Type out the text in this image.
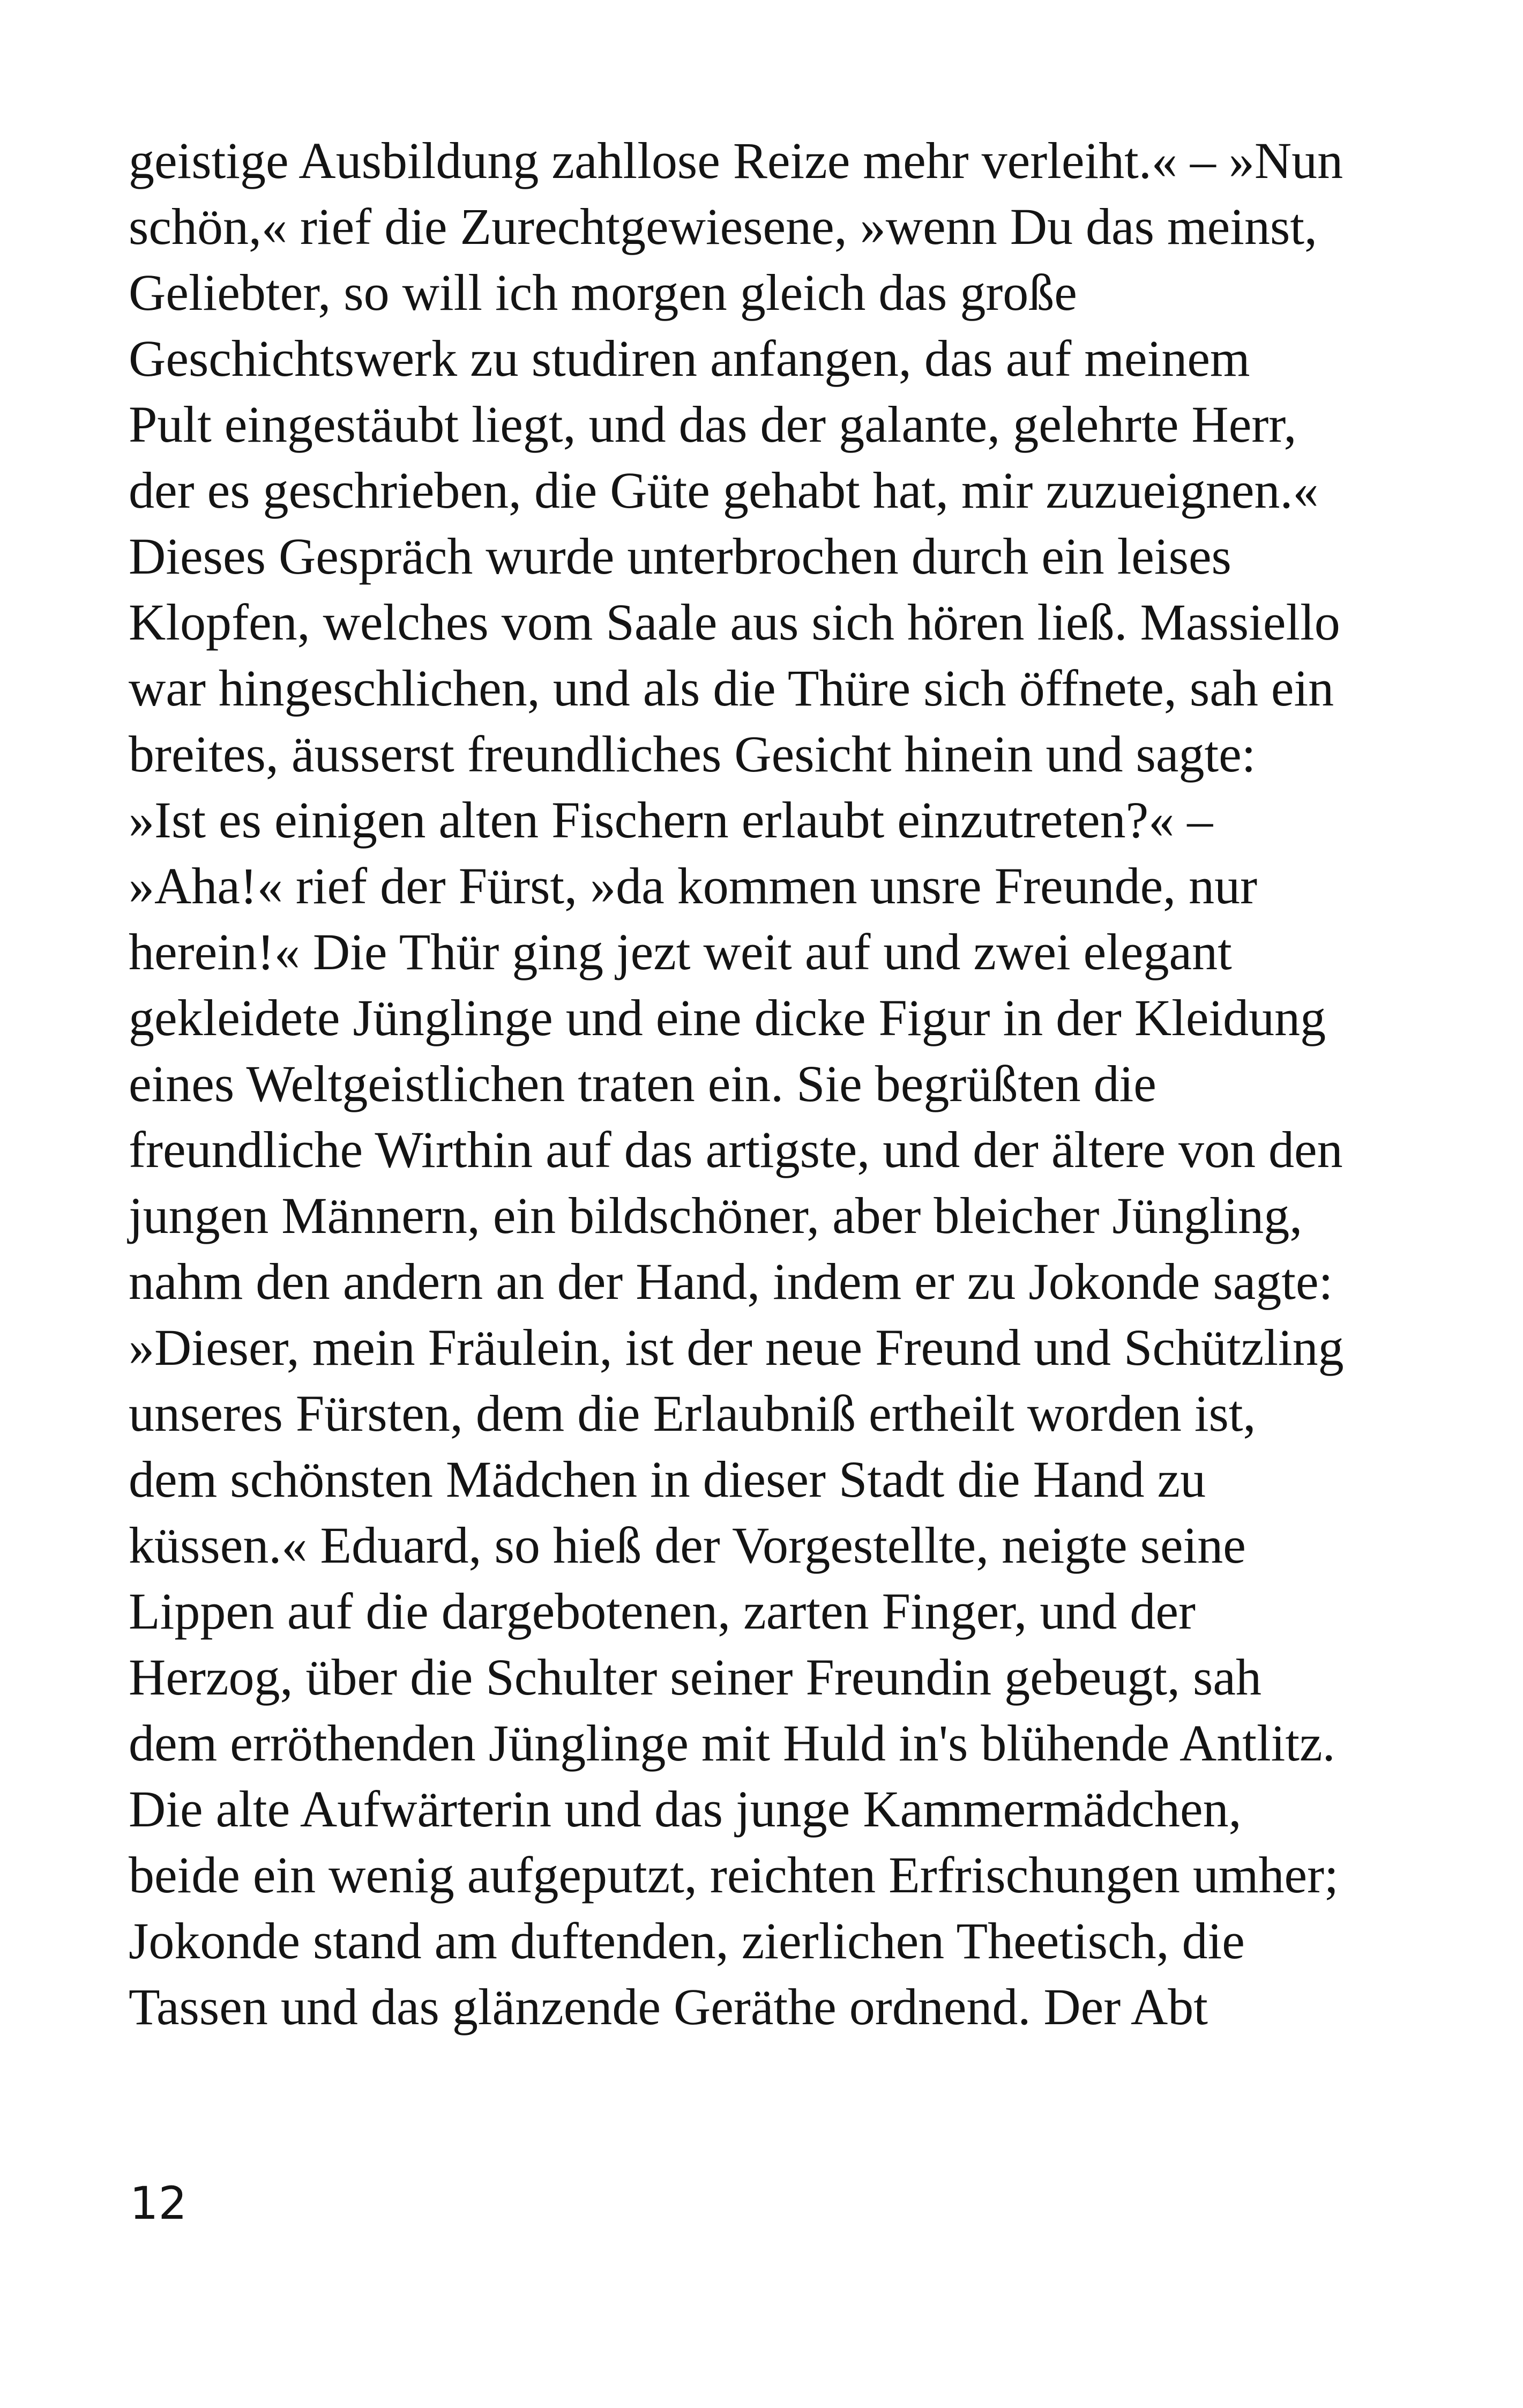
geistige Ausbildung zahllose Reize mehr verleiht.« – »Nun
schön,« rief die Zurechtgewiesene, »wenn Du das meinst,
Geliebter, so will ich morgen gleich das große
Geschichtswerk zu studiren anfangen, das auf meinem
Pult eingestäubt liegt, und das der galante, gelehrte Herr,
der es geschrieben, die Güte gehabt hat, mir zuzueignen.«
Dieses Gespräch wurde unterbrochen durch ein leises
Klopfen, welches vom Saale aus sich hören ließ. Massiello
war hingeschlichen, und als die Thüre sich öffnete, sah ein
breites, äusserst freundliches Gesicht hinein und sagte:
»Ist es einigen alten Fischern erlaubt einzutreten?« –
»Aha!« rief der Fürst, »da kommen unsre Freunde, nur
herein!« Die Thür ging jezt weit auf und zwei elegant
gekleidete Jünglinge und eine dicke Figur in der Kleidung
eines Weltgeistlichen traten ein. Sie begrüßten die
freundliche Wirthin auf das artigste, und der ältere von den
jungen Männern, ein bildschöner, aber bleicher Jüngling,
nahm den andern an der Hand, indem er zu Jokonde sagte:
»Dieser, mein Fräulein, ist der neue Freund und Schützling
unseres Fürsten, dem die Erlaubniß ertheilt worden ist,
dem schönsten Mädchen in dieser Stadt die Hand zu
küssen.« Eduard, so hieß der Vorgestellte, neigte seine
Lippen auf die dargebotenen, zarten Finger, und der
Herzog, über die Schulter seiner Freundin gebeugt, sah
dem erröthenden Jünglinge mit Huld in's blühende Antlitz.
Die alte Aufwärterin und das junge Kammermädchen,
beide ein wenig aufgeputzt, reichten Erfrischungen umher;
Jokonde stand am duftenden, zierlichen Theetisch, die
Tassen und das glänzende Geräthe ordnend. Der Abt
12
